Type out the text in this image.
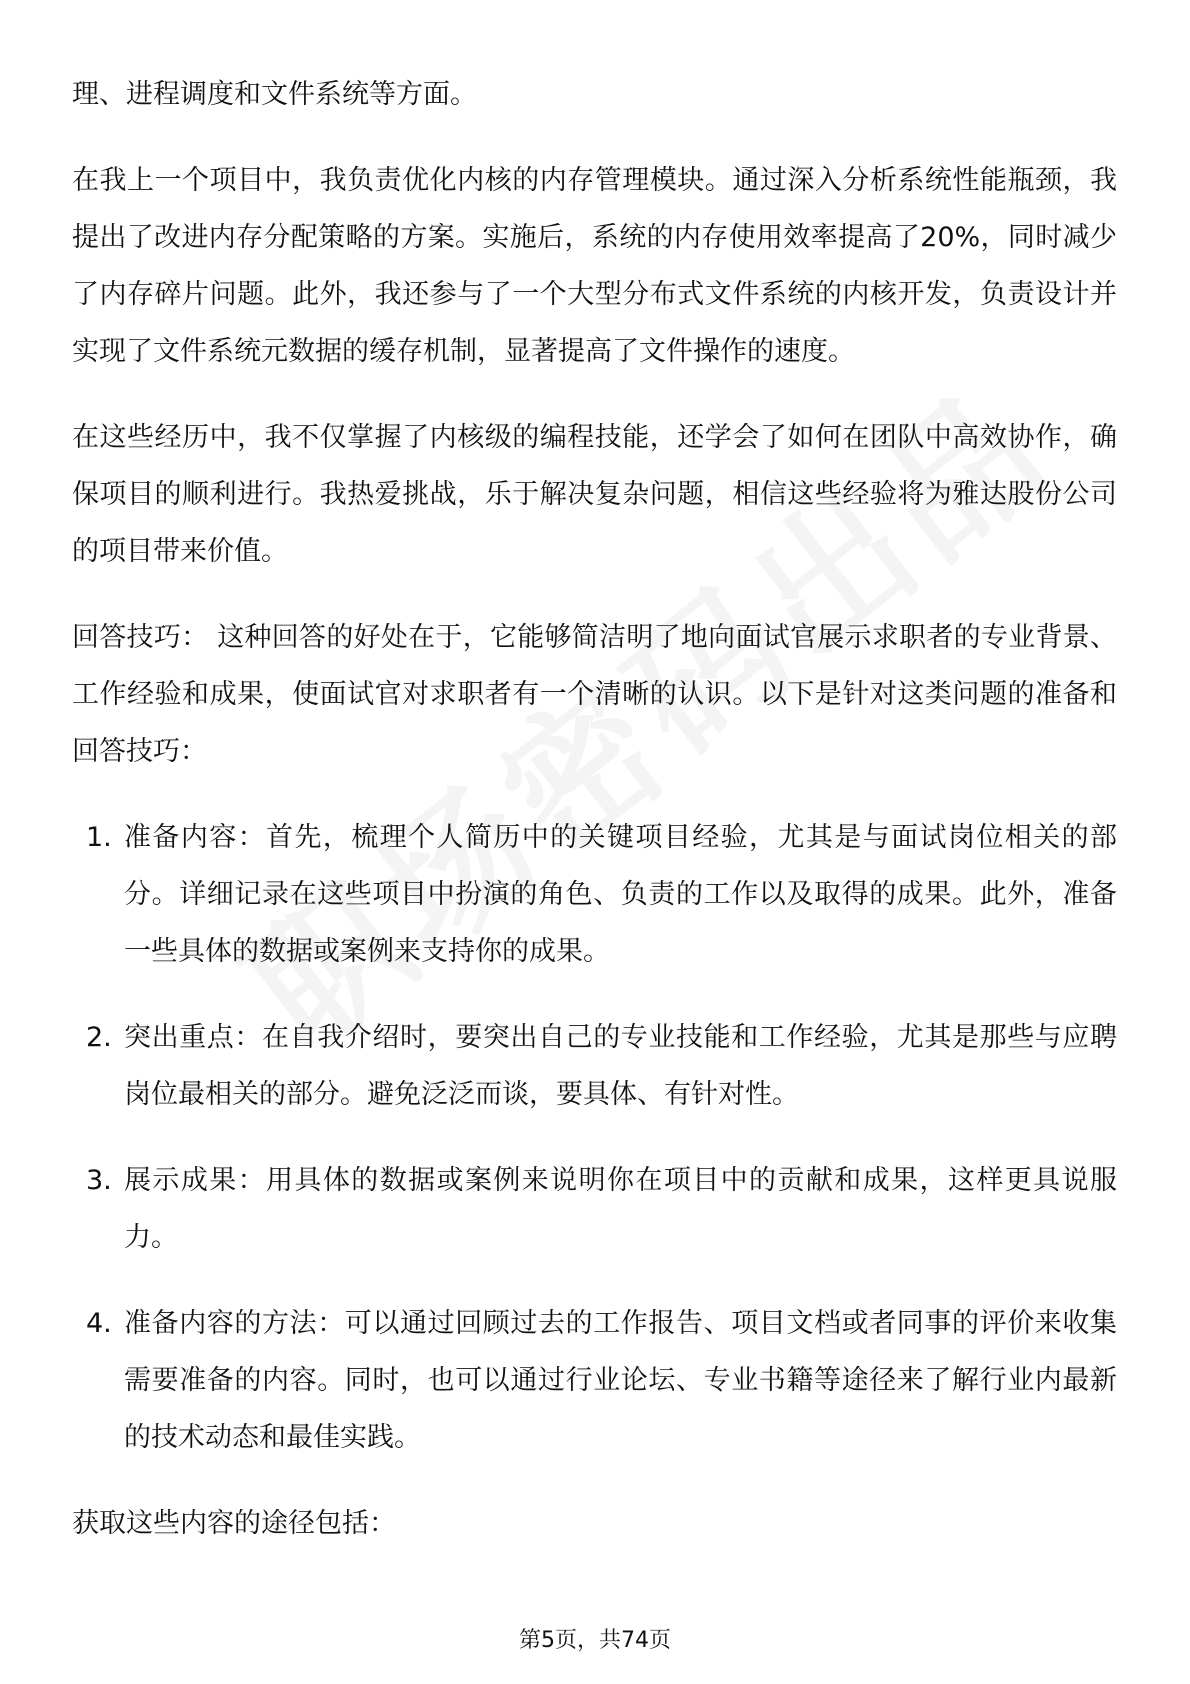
理、进程调度和文件系统等方面。

在我上一个项目中，我负责优化内核的内存管理模块。通过深入分析系统性能瓶颈，我提出了改进内存分配策略的方案。实施后，系统的内存使用效率提高了20%，同时减少了内存碎片问题。此外，我还参与了一个大型分布式文件系统的内核开发，负责设计并实现了文件系统元数据的缓存机制，显著提高了文件操作的速度。

在这些经历中，我不仅掌握了内核级的编程技能，还学会了如何在团队中高效协作，确保项目的顺利进行。我热爱挑战，乐于解决复杂问题，相信这些经验将为雅达股份公司的项目带来价值。

回答技巧： 这种回答的好处在于，它能够简洁明了地向面试官展示求职者的专业背景、工作经验和成果，使面试官对求职者有一个清晰的认识。以下是针对这类问题的准备和回答技巧：

1. 准备内容：首先，梳理个人简历中的关键项目经验，尤其是与面试岗位相关的部分。详细记录在这些项目中扮演的角色、负责的工作以及取得的成果。此外，准备一些具体的数据或案例来支持你的成果。
2. 突出重点：在自我介绍时，要突出自己的专业技能和工作经验，尤其是那些与应聘岗位最相关的部分。避免泛泛而谈，要具体、有针对性。
3. 展示成果：用具体的数据或案例来说明你在项目中的贡献和成果，这样更具说服力。
4. 准备内容的方法：可以通过回顾过去的工作报告、项目文档或者同事的评价来收集需要准备的内容。同时，也可以通过行业论坛、专业书籍等途径来了解行业内最新的技术动态和最佳实践。

获取这些内容的途径包括：

第5页，共74页
